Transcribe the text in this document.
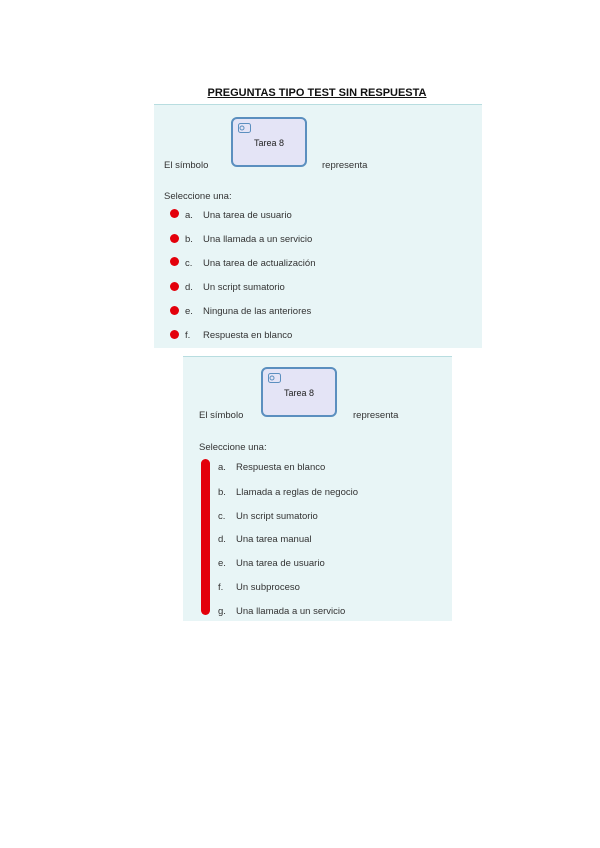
PREGUNTAS TIPO TEST SIN RESPUESTA
Tarea 8
El símbolo	representa
Seleccione una:
a. Una tarea de usuario
b. Una llamada a un servicio
c. Una tarea de actualización
d. Un script sumatorio
e. Ninguna de las anteriores
f. Respuesta en blanco
Tarea 8
El símbolo	representa
Seleccione una:
a. Respuesta en blanco
b. Llamada a reglas de negocio
c. Un script sumatorio
d. Una tarea manual
e. Una tarea de usuario
f. Un subproceso
g. Una llamada a un servicio
